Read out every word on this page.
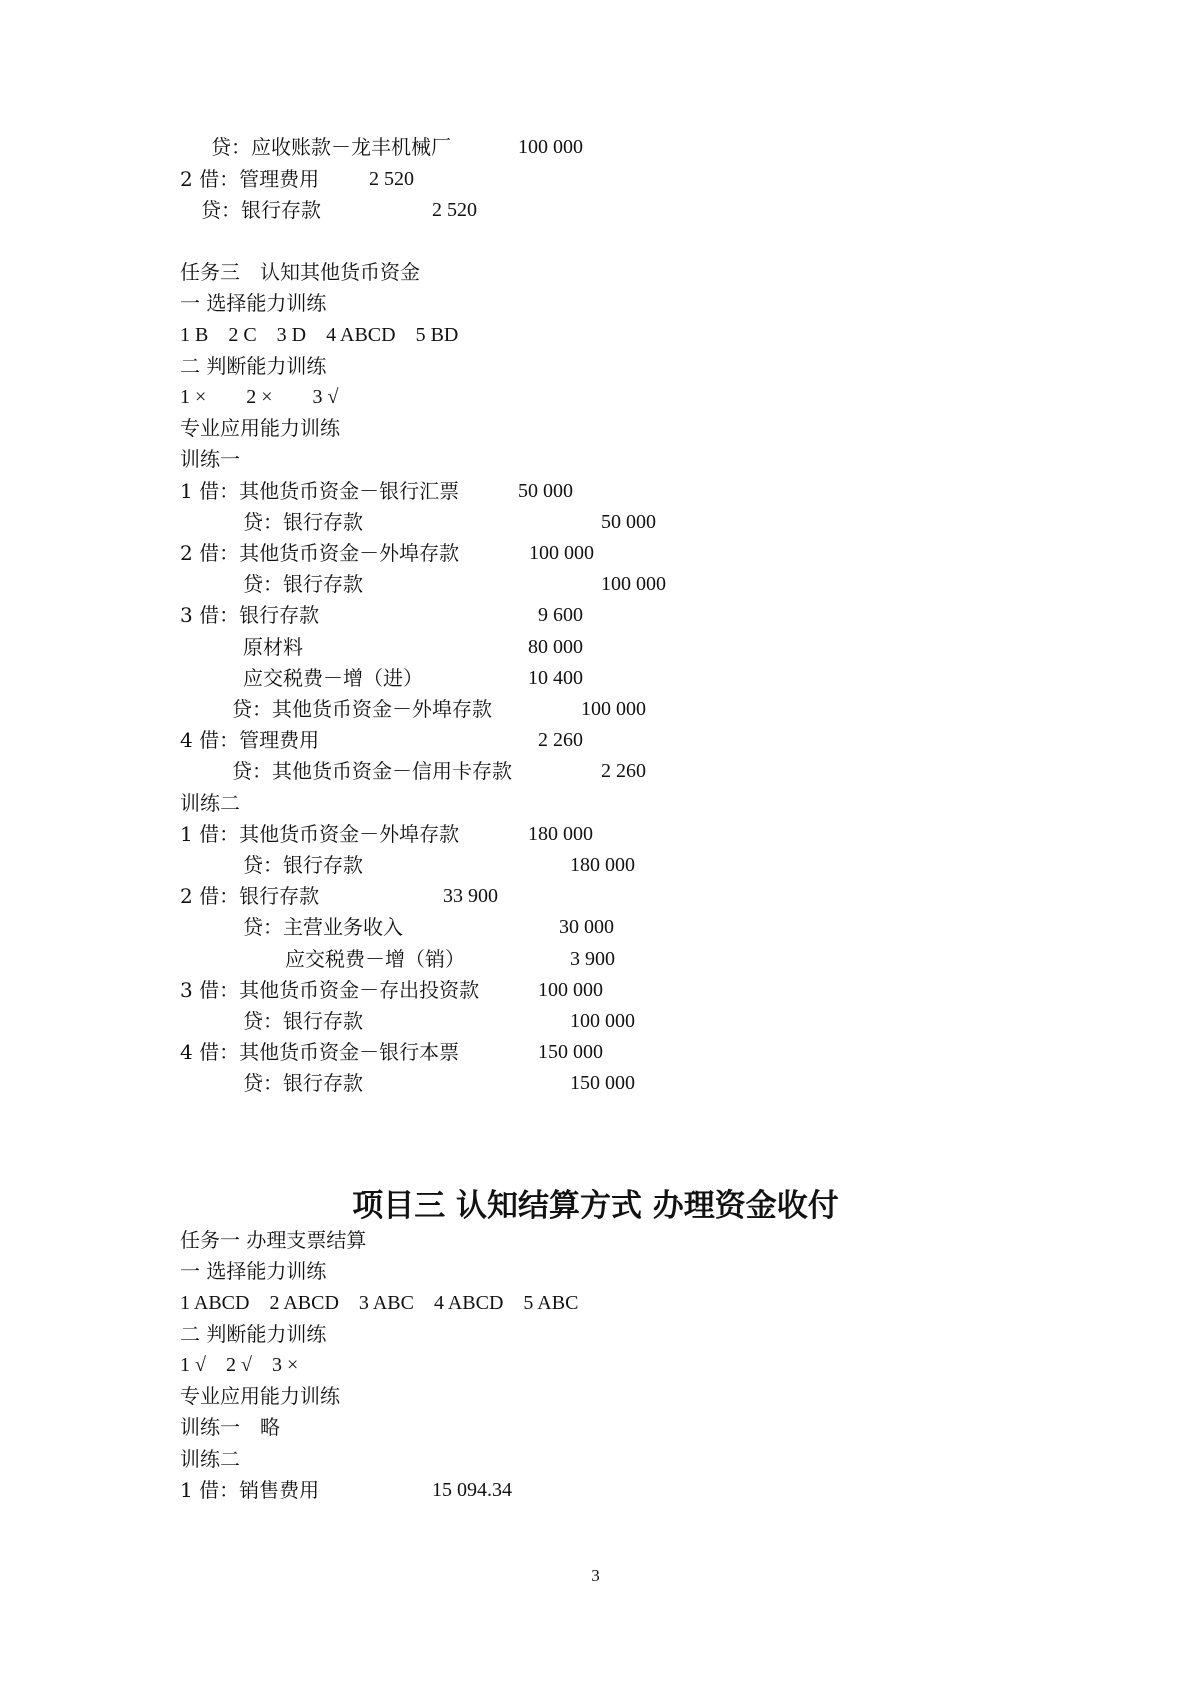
贷：应收账款－龙丰机械厂	100 000
2 借：管理费用 2 520
贷：银行存款	2 520
任务三　认知其他货币资金
一 选择能力训练
1 B　2 C　3 D　4 ABCD　5 BD
二 判断能力训练
1 ×　　2 ×　　3 √
专业应用能力训练
训练一
1 借：其他货币资金－银行汇票	50 000
贷：银行存款	50 000
2 借：其他货币资金－外埠存款	100 000
贷：银行存款	100 000
3 借：银行存款	9 600
原材料	80 000
应交税费－增（进）	10 400
贷：其他货币资金－外埠存款	100 000
4 借：管理费用	2 260
贷：其他货币资金－信用卡存款	2 260
训练二
1 借：其他货币资金－外埠存款	180 000
贷：银行存款	180 000
2 借：银行存款	33 900
贷：主营业务收入	30 000
应交税费－增（销）	3 900
3 借：其他货币资金－存出投资款	100 000
贷：银行存款	100 000
4 借：其他货币资金－银行本票	150 000
贷：银行存款	150 000
任务一 办理支票结算
一 选择能力训练
1 ABCD　2 ABCD　3 ABC　4 ABCD　5 ABC
二 判断能力训练
1 √　2 √　3 ×
专业应用能力训练
训练一　略
训练二
1 借：销售费用	15 094.34
项目三 认知结算方式 办理资金收付
3
